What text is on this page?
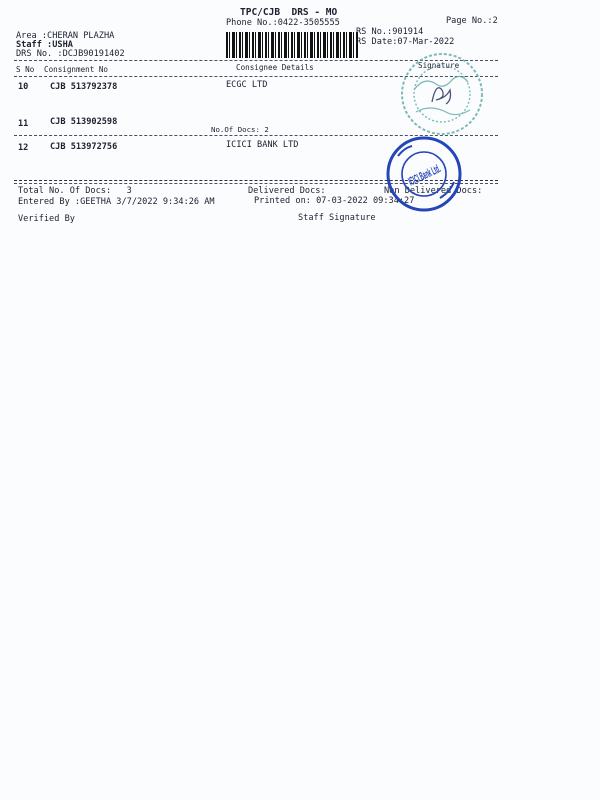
TPC/CJB  DRS - MO
Phone No.:0422-3505555	Page No.:2
RS No.:901914
RS Date:07-Mar-2022
Area :CHERAN PLAZHA
Staff :USHA
DRS No. :DCJB90191402
S No Consignment No	Consignee Details	Signature
10	CJB 513792378	ECGC LTD
11	CJB 513902598
No.Of Docs: 2
12	CJB 513972756	ICICI BANK LTD
Total No. Of Docs:   3	Delivered Docs:	Non Delivered Docs:
Entered By :GEETHA 3/7/2022 9:34:26 AM	Printed on: 07-03-2022 09:34:27
Verified By	Staff Signature
ICICI Bank Ltd.
